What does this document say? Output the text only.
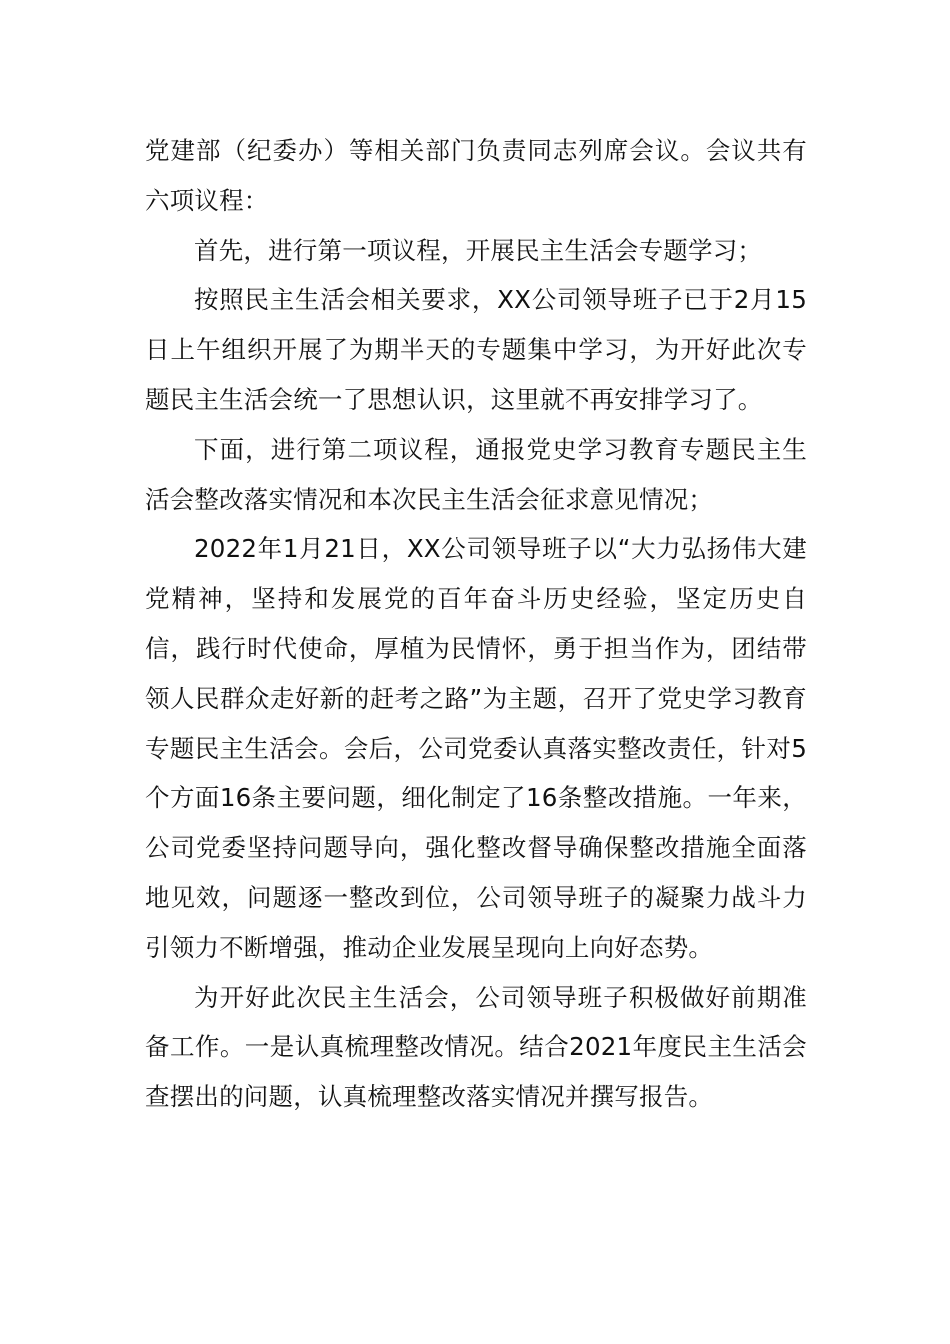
党建部（纪委办）等相关部门负责同志列席会议。会议共有六项议程：

首先，进行第一项议程，开展民主生活会专题学习；

按照民主生活会相关要求，XX公司领导班子已于2月15日上午组织开展了为期半天的专题集中学习，为开好此次专题民主生活会统一了思想认识，这里就不再安排学习了。

下面，进行第二项议程，通报党史学习教育专题民主生活会整改落实情况和本次民主生活会征求意见情况；

2022年1月21日，XX公司领导班子以“大力弘扬伟大建党精神，坚持和发展党的百年奋斗历史经验，坚定历史自信，践行时代使命，厚植为民情怀，勇于担当作为，团结带领人民群众走好新的赶考之路”为主题，召开了党史学习教育专题民主生活会。会后，公司党委认真落实整改责任，针对5个方面16条主要问题，细化制定了16条整改措施。一年来，公司党委坚持问题导向，强化整改督导确保整改措施全面落地见效，问题逐一整改到位，公司领导班子的凝聚力战斗力引领力不断增强，推动企业发展呈现向上向好态势。

为开好此次民主生活会，公司领导班子积极做好前期准备工作。一是认真梳理整改情况。结合2021年度民主生活会查摆出的问题，认真梳理整改落实情况并撰写报告。
